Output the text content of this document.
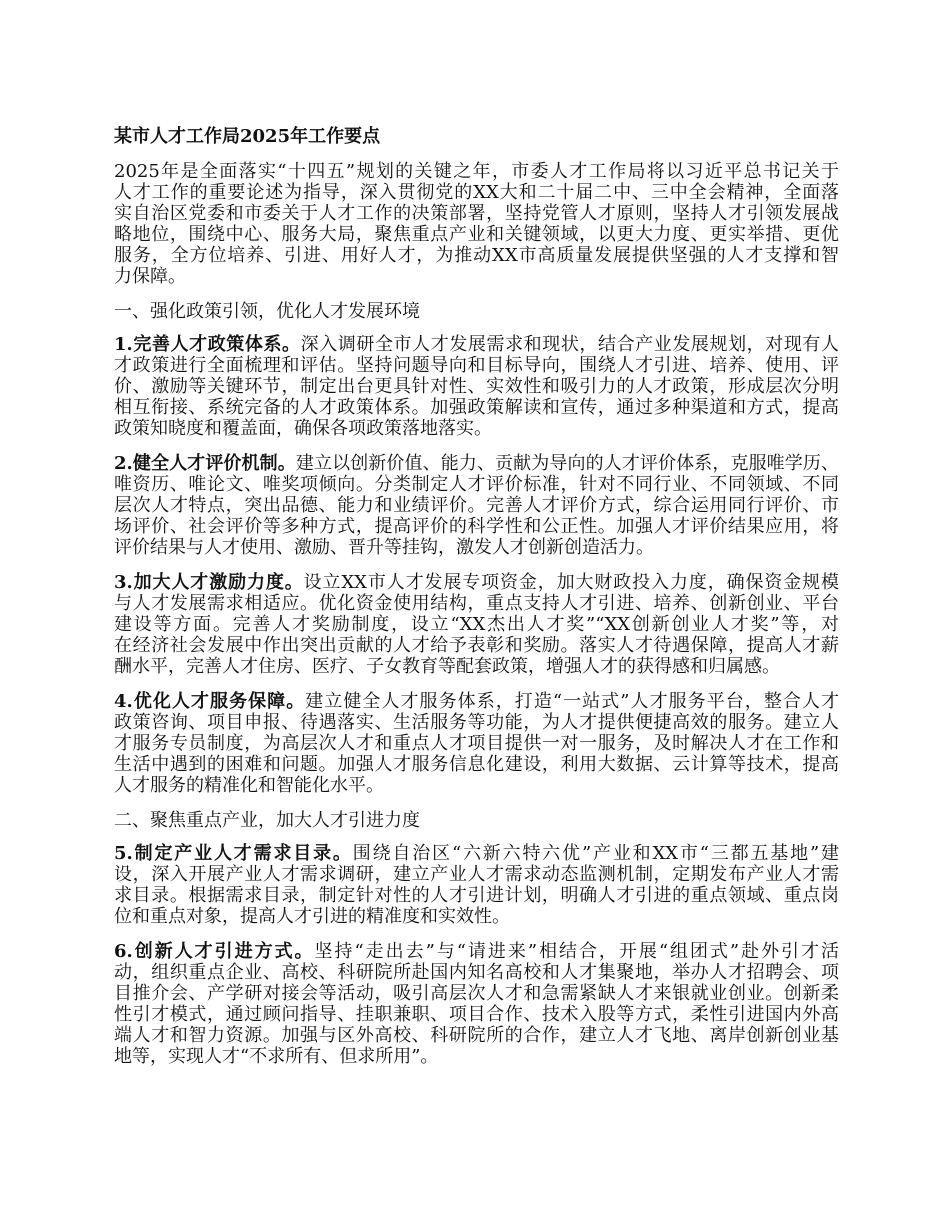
某市人才工作局2025年工作要点
2025年是全面落实“十四五”规划的关键之年，市委人才工作局将以习近平总书记关于
人才工作的重要论述为指导，深入贯彻党的XX大和二十届二中、三中全会精神，全面落
实自治区党委和市委关于人才工作的决策部署，坚持党管人才原则，坚持人才引领发展战
略地位，围绕中心、服务大局，聚焦重点产业和关键领域，以更大力度、更实举措、更优
服务，全方位培养、引进、用好人才，为推动XX市高质量发展提供坚强的人才支撑和智
力保障。
一、强化政策引领，优化人才发展环境
1.完善人才政策体系。深入调研全市人才发展需求和现状，结合产业发展规划，对现有人
才政策进行全面梳理和评估。坚持问题导向和目标导向，围绕人才引进、培养、使用、评
价、激励等关键环节，制定出台更具针对性、实效性和吸引力的人才政策，形成层次分明
相互衔接、系统完备的人才政策体系。加强政策解读和宣传，通过多种渠道和方式，提高
政策知晓度和覆盖面，确保各项政策落地落实。
2.健全人才评价机制。建立以创新价值、能力、贡献为导向的人才评价体系，克服唯学历、
唯资历、唯论文、唯奖项倾向。分类制定人才评价标准，针对不同行业、不同领域、不同
层次人才特点，突出品德、能力和业绩评价。完善人才评价方式，综合运用同行评价、市
场评价、社会评价等多种方式，提高评价的科学性和公正性。加强人才评价结果应用，将
评价结果与人才使用、激励、晋升等挂钩，激发人才创新创造活力。
3.加大人才激励力度。设立XX市人才发展专项资金，加大财政投入力度，确保资金规模
与人才发展需求相适应。优化资金使用结构，重点支持人才引进、培养、创新创业、平台
建设等方面。完善人才奖励制度，设立“XX杰出人才奖”“XX创新创业人才奖”等，对
在经济社会发展中作出突出贡献的人才给予表彰和奖励。落实人才待遇保障，提高人才薪
酬水平，完善人才住房、医疗、子女教育等配套政策，增强人才的获得感和归属感。
4.优化人才服务保障。建立健全人才服务体系，打造“一站式”人才服务平台，整合人才
政策咨询、项目申报、待遇落实、生活服务等功能，为人才提供便捷高效的服务。建立人
才服务专员制度，为高层次人才和重点人才项目提供一对一服务，及时解决人才在工作和
生活中遇到的困难和问题。加强人才服务信息化建设，利用大数据、云计算等技术，提高
人才服务的精准化和智能化水平。
二、聚焦重点产业，加大人才引进力度
5.制定产业人才需求目录。围绕自治区“六新六特六优”产业和XX市“三都五基地”建
设，深入开展产业人才需求调研，建立产业人才需求动态监测机制，定期发布产业人才需
求目录。根据需求目录，制定针对性的人才引进计划，明确人才引进的重点领域、重点岗
位和重点对象，提高人才引进的精准度和实效性。
6.创新人才引进方式。坚持“走出去”与“请进来”相结合，开展“组团式”赴外引才活
动，组织重点企业、高校、科研院所赴国内知名高校和人才集聚地，举办人才招聘会、项
目推介会、产学研对接会等活动，吸引高层次人才和急需紧缺人才来银就业创业。创新柔
性引才模式，通过顾问指导、挂职兼职、项目合作、技术入股等方式，柔性引进国内外高
端人才和智力资源。加强与区外高校、科研院所的合作，建立人才飞地、离岸创新创业基
地等，实现人才“不求所有、但求所用”。
